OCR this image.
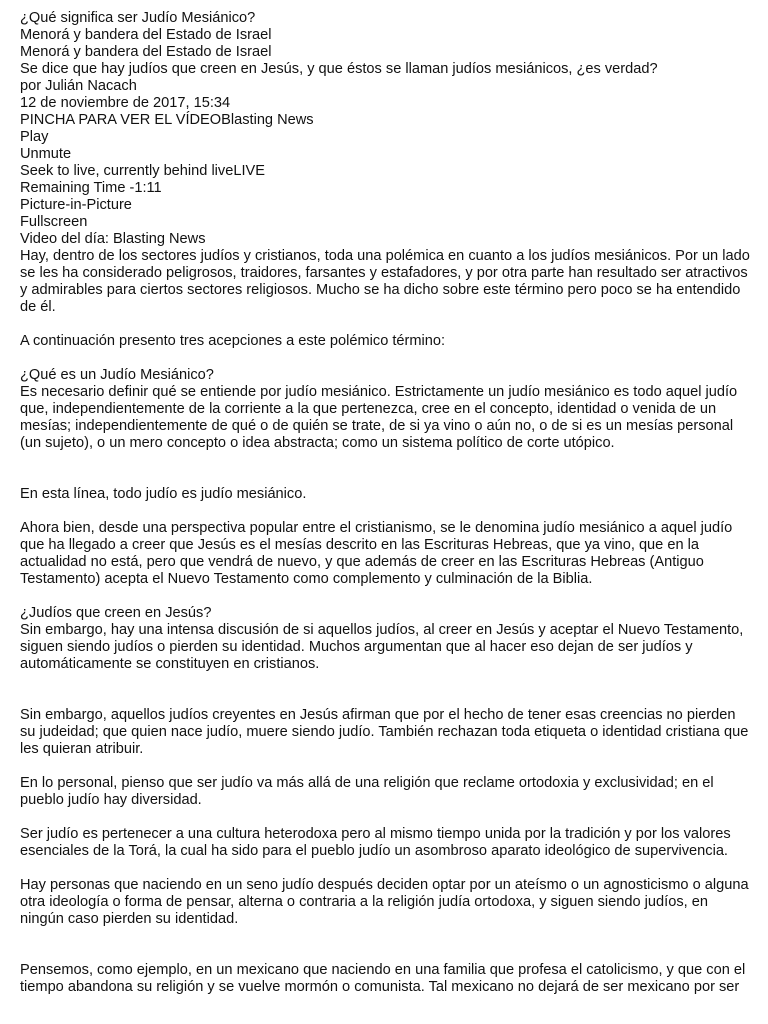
¿Qué significa ser Judío Mesiánico?
Menorá y bandera del Estado de Israel
Menorá y bandera del Estado de Israel
Se dice que hay judíos que creen en Jesús, y que éstos se llaman judíos mesiánicos, ¿es verdad?
por Julián Nacach
12 de noviembre de 2017, 15:34
PINCHA PARA VER EL VÍDEOBlasting News
Play
Unmute
Seek to live, currently behind liveLIVE
Remaining Time -1:11
Picture-in-Picture
Fullscreen
Video del día: Blasting News

Hay, dentro de los sectores judíos y cristianos, toda una polémica en cuanto a los judíos mesiánicos. Por un lado se les ha considerado peligrosos, traidores, farsantes y estafadores, y por otra parte han resultado ser atractivos y admirables para ciertos sectores religiosos. Mucho se ha dicho sobre este término pero poco se ha entendido de él.

A continuación presento tres acepciones a este polémico término:

¿Qué es un Judío Mesiánico?

Es necesario definir qué se entiende por judío mesiánico. Estrictamente un judío mesiánico es todo aquel judío que, independientemente de la corriente a la que pertenezca, cree en el concepto, identidad o venida de un mesías; independientemente de qué o de quién se trate, de si ya vino o aún no, o de si es un mesías personal (un sujeto), o un mero concepto o idea abstracta; como un sistema político de corte utópico.

En esta línea, todo judío es judío mesiánico.

Ahora bien, desde una perspectiva popular entre el cristianismo, se le denomina judío mesiánico a aquel judío que ha llegado a creer que Jesús es el mesías descrito en las Escrituras Hebreas, que ya vino, que en la actualidad no está, pero que vendrá de nuevo, y que además de creer en las Escrituras Hebreas (Antiguo Testamento) acepta el Nuevo Testamento como complemento y culminación de la Biblia.

¿Judíos que creen en Jesús?

Sin embargo, hay una intensa discusión de si aquellos judíos, al creer en Jesús y aceptar el Nuevo Testamento, siguen siendo judíos o pierden su identidad. Muchos argumentan que al hacer eso dejan de ser judíos y automáticamente se constituyen en cristianos.

Sin embargo, aquellos judíos creyentes en Jesús afirman que por el hecho de tener esas creencias no pierden su judeidad; que quien nace judío, muere siendo judío. También rechazan toda etiqueta o identidad cristiana que les quieran atribuir.

En lo personal, pienso que ser judío va más allá de una religión que reclame ortodoxia y exclusividad; en el pueblo judío hay diversidad.

Ser judío es pertenecer a una cultura heterodoxa pero al mismo tiempo unida por la tradición y por los valores esenciales de la Torá, la cual ha sido para el pueblo judío un asombroso aparato ideológico de supervivencia.

Hay personas que naciendo en un seno judío después deciden optar por un ateísmo o un agnosticismo o alguna otra ideología o forma de pensar, alterna o contraria a la religión judía ortodoxa, y siguen siendo judíos, en ningún caso pierden su identidad.

Pensemos, como ejemplo, en un mexicano que naciendo en una familia que profesa el catolicismo, y que con el tiempo abandona su religión y se vuelve mormón o comunista. Tal mexicano no dejará de ser mexicano por ser
